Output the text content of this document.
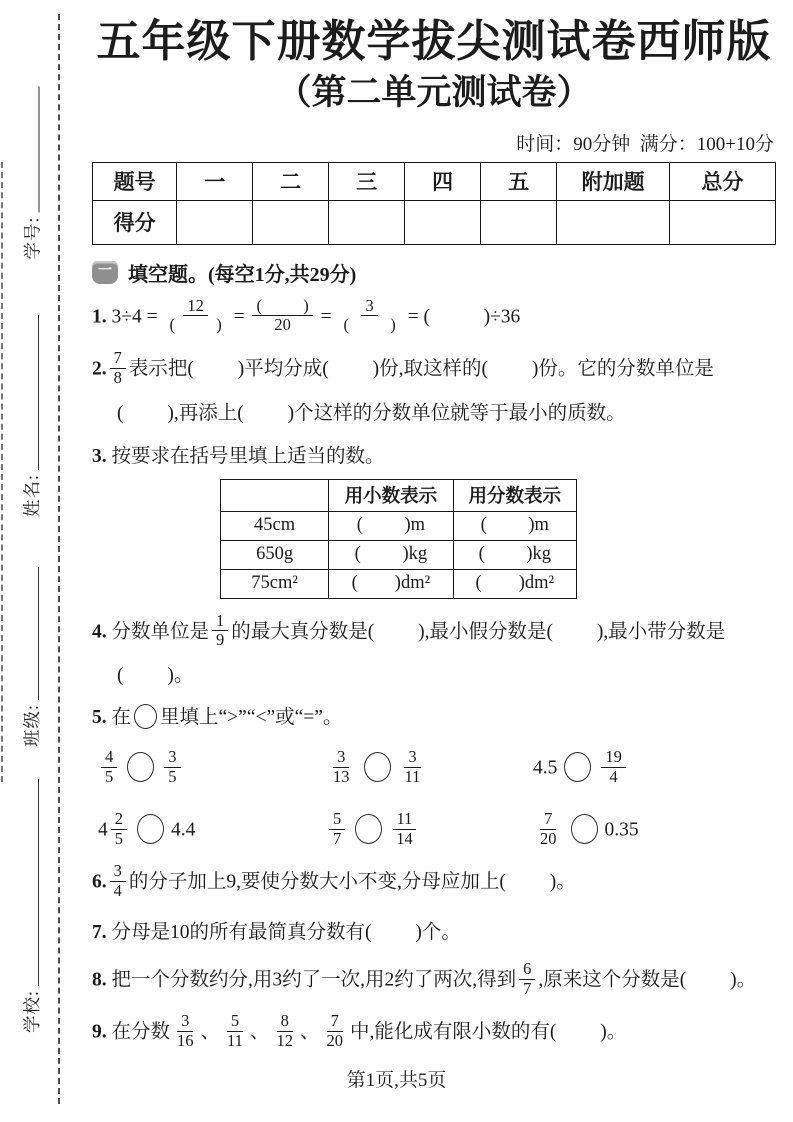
学号:
姓名:
班级:
学校:
五年级下册数学拔尖测试卷西师版
（第二单元测试卷）
时间：90分钟  满分：100+10分
题号	一	二	三	四	五	附加题	总分
得分							
一 填空题。(每空1分,共29分)
1. $3\div 4 = \frac{12}{( )} = \frac{( )}{20} = \frac{3}{( )}$ = (           )÷36
2. $\frac{7}{8}$ 表示把(         )平均分成(         )份,取这样的(         )份。它的分数单位是
(         ),再添上(         )个这样的分数单位就等于最小的质数。
3. 按要求在括号里填上适当的数。
	用小数表示	用分数表示
45cm	(         )m	(         )m
650g	(         )kg	(         )kg
75cm²	(        )dm²	(        )dm²
4. 分数单位是 $\frac{1}{9}$ 的最大真分数是(         ),最小假分数是(         ),最小带分数是
(         )。
5. 在 里填上“>”“<”或“=”。
$\frac{4}{5}$	$\frac{3}{5}$	$\frac{3}{13}$	$\frac{3}{11}$	4.5	$\frac{19}{4}$
$4 \frac{2}{5} 4.4$	$\frac{5}{7}$	$\frac{11}{14}$	$\frac{7}{20} 0.35$
6. $\frac{3}{4}$ 的分子加上9,要使分数大小不变,分母应加上(         )。
7. 分母是10的所有最简真分数有(         )个。
8. 把一个分数约分,用3约了一次,用2约了两次,得到 $\frac{6}{7}$ ,原来这个分数是(         )。
9. 在分数 $\frac{3}{16}$ 、 $\frac{5}{11}$ 、 $\frac{8}{12}$ 、 $\frac{7}{20}$ 中,能化成有限小数的有(         )。
第1页,共5页
